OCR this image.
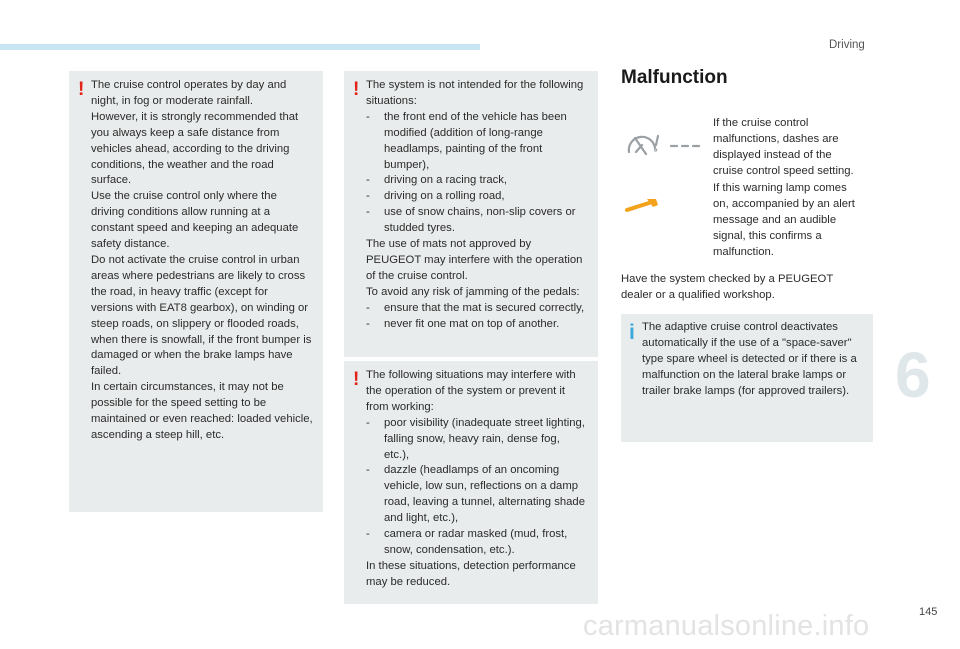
Driving
! The cruise control operates by day and night, in fog or moderate rainfall.
However, it is strongly recommended that you always keep a safe distance from vehicles ahead, according to the driving conditions, the weather and the road surface.
Use the cruise control only where the driving conditions allow running at a constant speed and keeping an adequate safety distance.
Do not activate the cruise control in urban areas where pedestrians are likely to cross the road, in heavy traffic (except for versions with EAT8 gearbox), on winding or steep roads, on slippery or flooded roads, when there is snowfall, if the front bumper is damaged or when the brake lamps have failed.
In certain circumstances, it may not be possible for the speed setting to be maintained or even reached: loaded vehicle, ascending a steep hill, etc.

! The system is not intended for the following situations:

-	the front end of the vehicle has been modified (addition of long-range headlamps, painting of the front bumper),
-	driving on a racing track,
-	driving on a rolling road,
-	use of snow chains, non-slip covers or studded tyres.

The use of mats not approved by PEUGEOT may interfere with the operation of the cruise control.

To avoid any risk of jamming of the pedals:

-	ensure that the mat is secured correctly,
-	never fit one mat on top of another.
! The following situations may interfere with the operation of the system or prevent it from working:

-	poor visibility (inadequate street lighting, falling snow, heavy rain, dense fog, etc.),
-	dazzle (headlamps of an oncoming vehicle, low sun, reflections on a damp road, leaving a tunnel, alternating shade and light, etc.),
-	camera or radar masked (mud, frost, snow, condensation, etc.).

In these situations, detection performance may be reduced.

Malfunction
If the cruise control malfunctions, dashes are displayed instead of the cruise control speed setting.
If this warning lamp comes on, accompanied by an alert message and an audible signal, this confirms a malfunction.
Have the system checked by a PEUGEOT dealer or a qualified workshop.
i The adaptive cruise control deactivates automatically if the use of a "space-saver" type spare wheel is detected or if there is a malfunction on the lateral brake lamps or trailer brake lamps (for approved trailers). 6
145
carmanualsonline.info
